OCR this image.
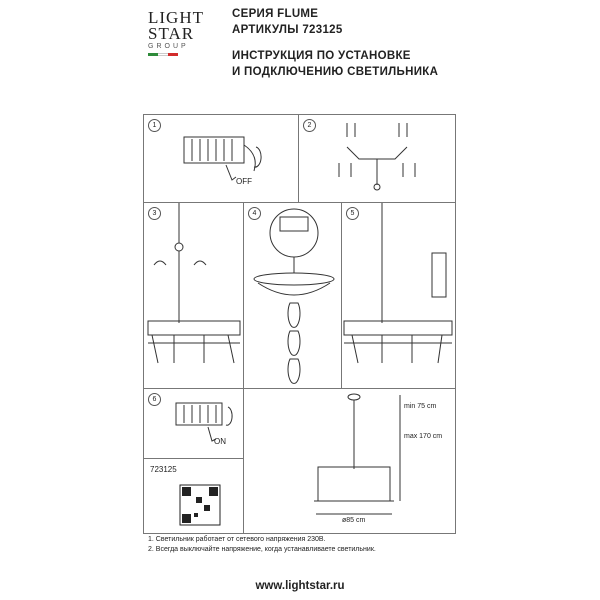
LIGHT
STAR
GROUP
СЕРИЯ FLUME
АРТИКУЛЫ 723125
ИНСТРУКЦИЯ ПО УСТАНОВКЕ
И ПОДКЛЮЧЕНИЮ СВЕТИЛЬНИКА
1
OFF
2
3	4	5
6
ON
723125
min 75 cm
max 170 cm
ø85 cm
1. Светильник работает от сетевого напряжения 230В.
2. Всегда выключайте напряжение, когда устанавливаете светильник.
www.lightstar.ru
